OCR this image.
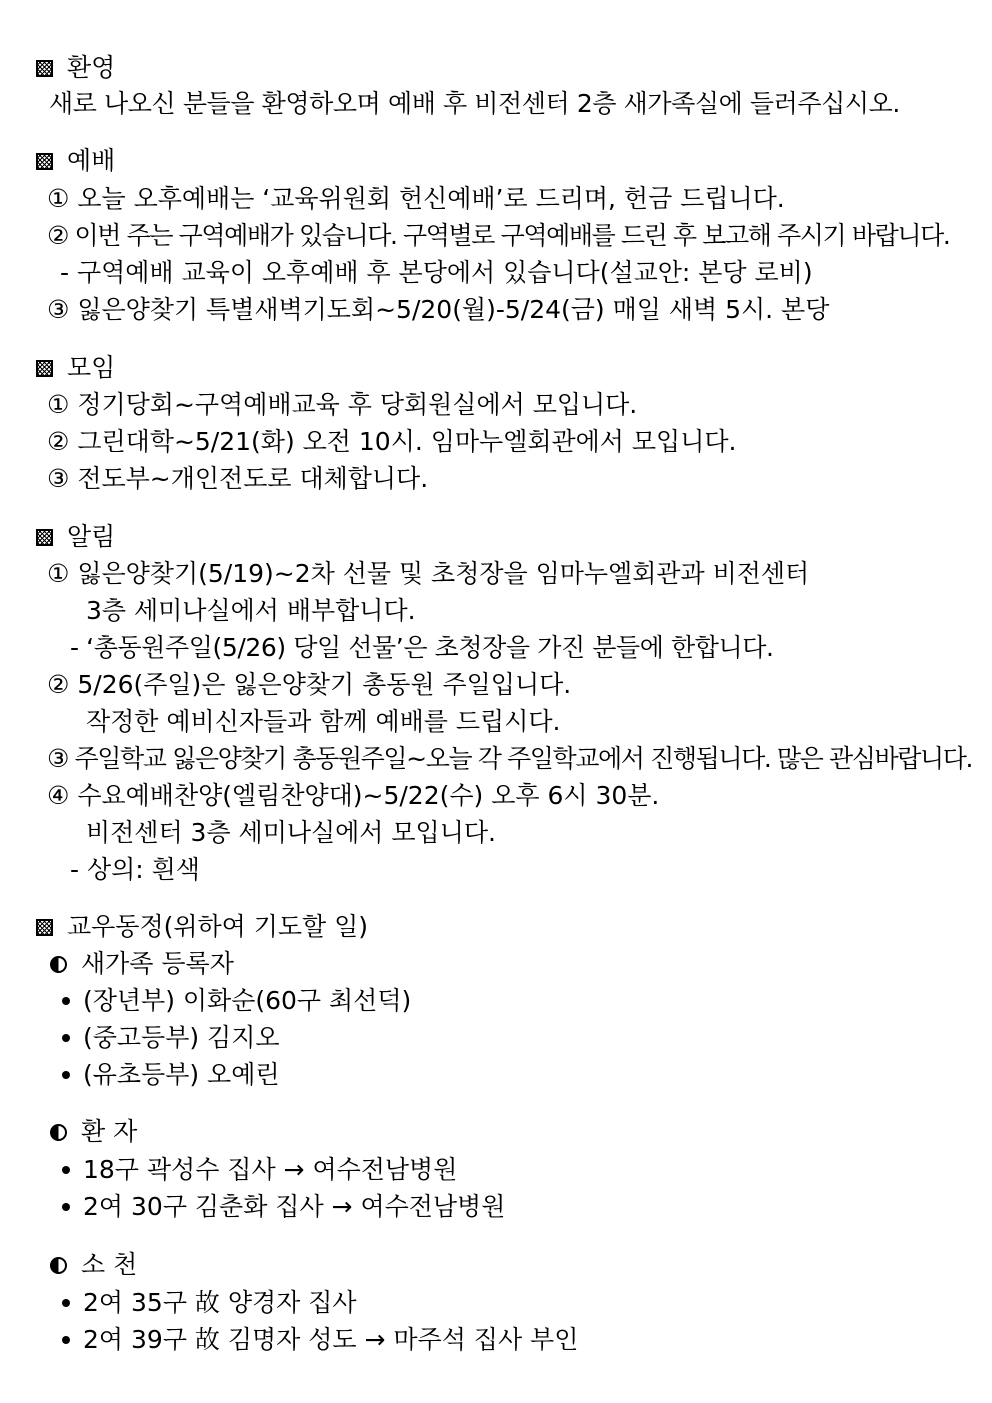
환영
새로 나오신 분들을 환영하오며 예배 후 비전센터 2층 새가족실에 들러주십시오.
예배
① 오늘 오후예배는 ‘교육위원회 헌신예배’로 드리며, 헌금 드립니다.
② 이번 주는 구역예배가 있습니다. 구역별로 구역예배를 드린 후 보고해 주시기 바랍니다.
- 구역예배 교육이 오후예배 후 본당에서 있습니다(설교안: 본당 로비)
③ 잃은양찾기 특별새벽기도회~5/20(월)-5/24(금) 매일 새벽 5시. 본당
모임
① 정기당회~구역예배교육 후 당회원실에서 모입니다.
② 그린대학~5/21(화) 오전 10시. 임마누엘회관에서 모입니다.
③ 전도부~개인전도로 대체합니다.
알림
① 잃은양찾기(5/19)~2차 선물 및 초청장을 임마누엘회관과 비전센터
3층 세미나실에서 배부합니다.
- ‘총동원주일(5/26) 당일 선물’은 초청장을 가진 분들에 한합니다.
② 5/26(주일)은 잃은양찾기 총동원 주일입니다.
작정한 예비신자들과 함께 예배를 드립시다.
③ 주일학교 잃은양찾기 총동원주일~오늘 각 주일학교에서 진행됩니다. 많은 관심바랍니다.
④ 수요예배찬양(엘림찬양대)~5/22(수) 오후 6시 30분.
비전센터 3층 세미나실에서 모입니다.
- 상의: 흰색
교우동정(위하여 기도할 일)
새가족 등록자
(장년부) 이화순(60구 최선덕)
(중고등부) 김지오
(유초등부) 오예린
환 자
18구 곽성수 집사 → 여수전남병원
2여 30구 김춘화 집사 → 여수전남병원
소 천
2여 35구 故 양경자 집사
2여 39구 故 김명자 성도 → 마주석 집사 부인
